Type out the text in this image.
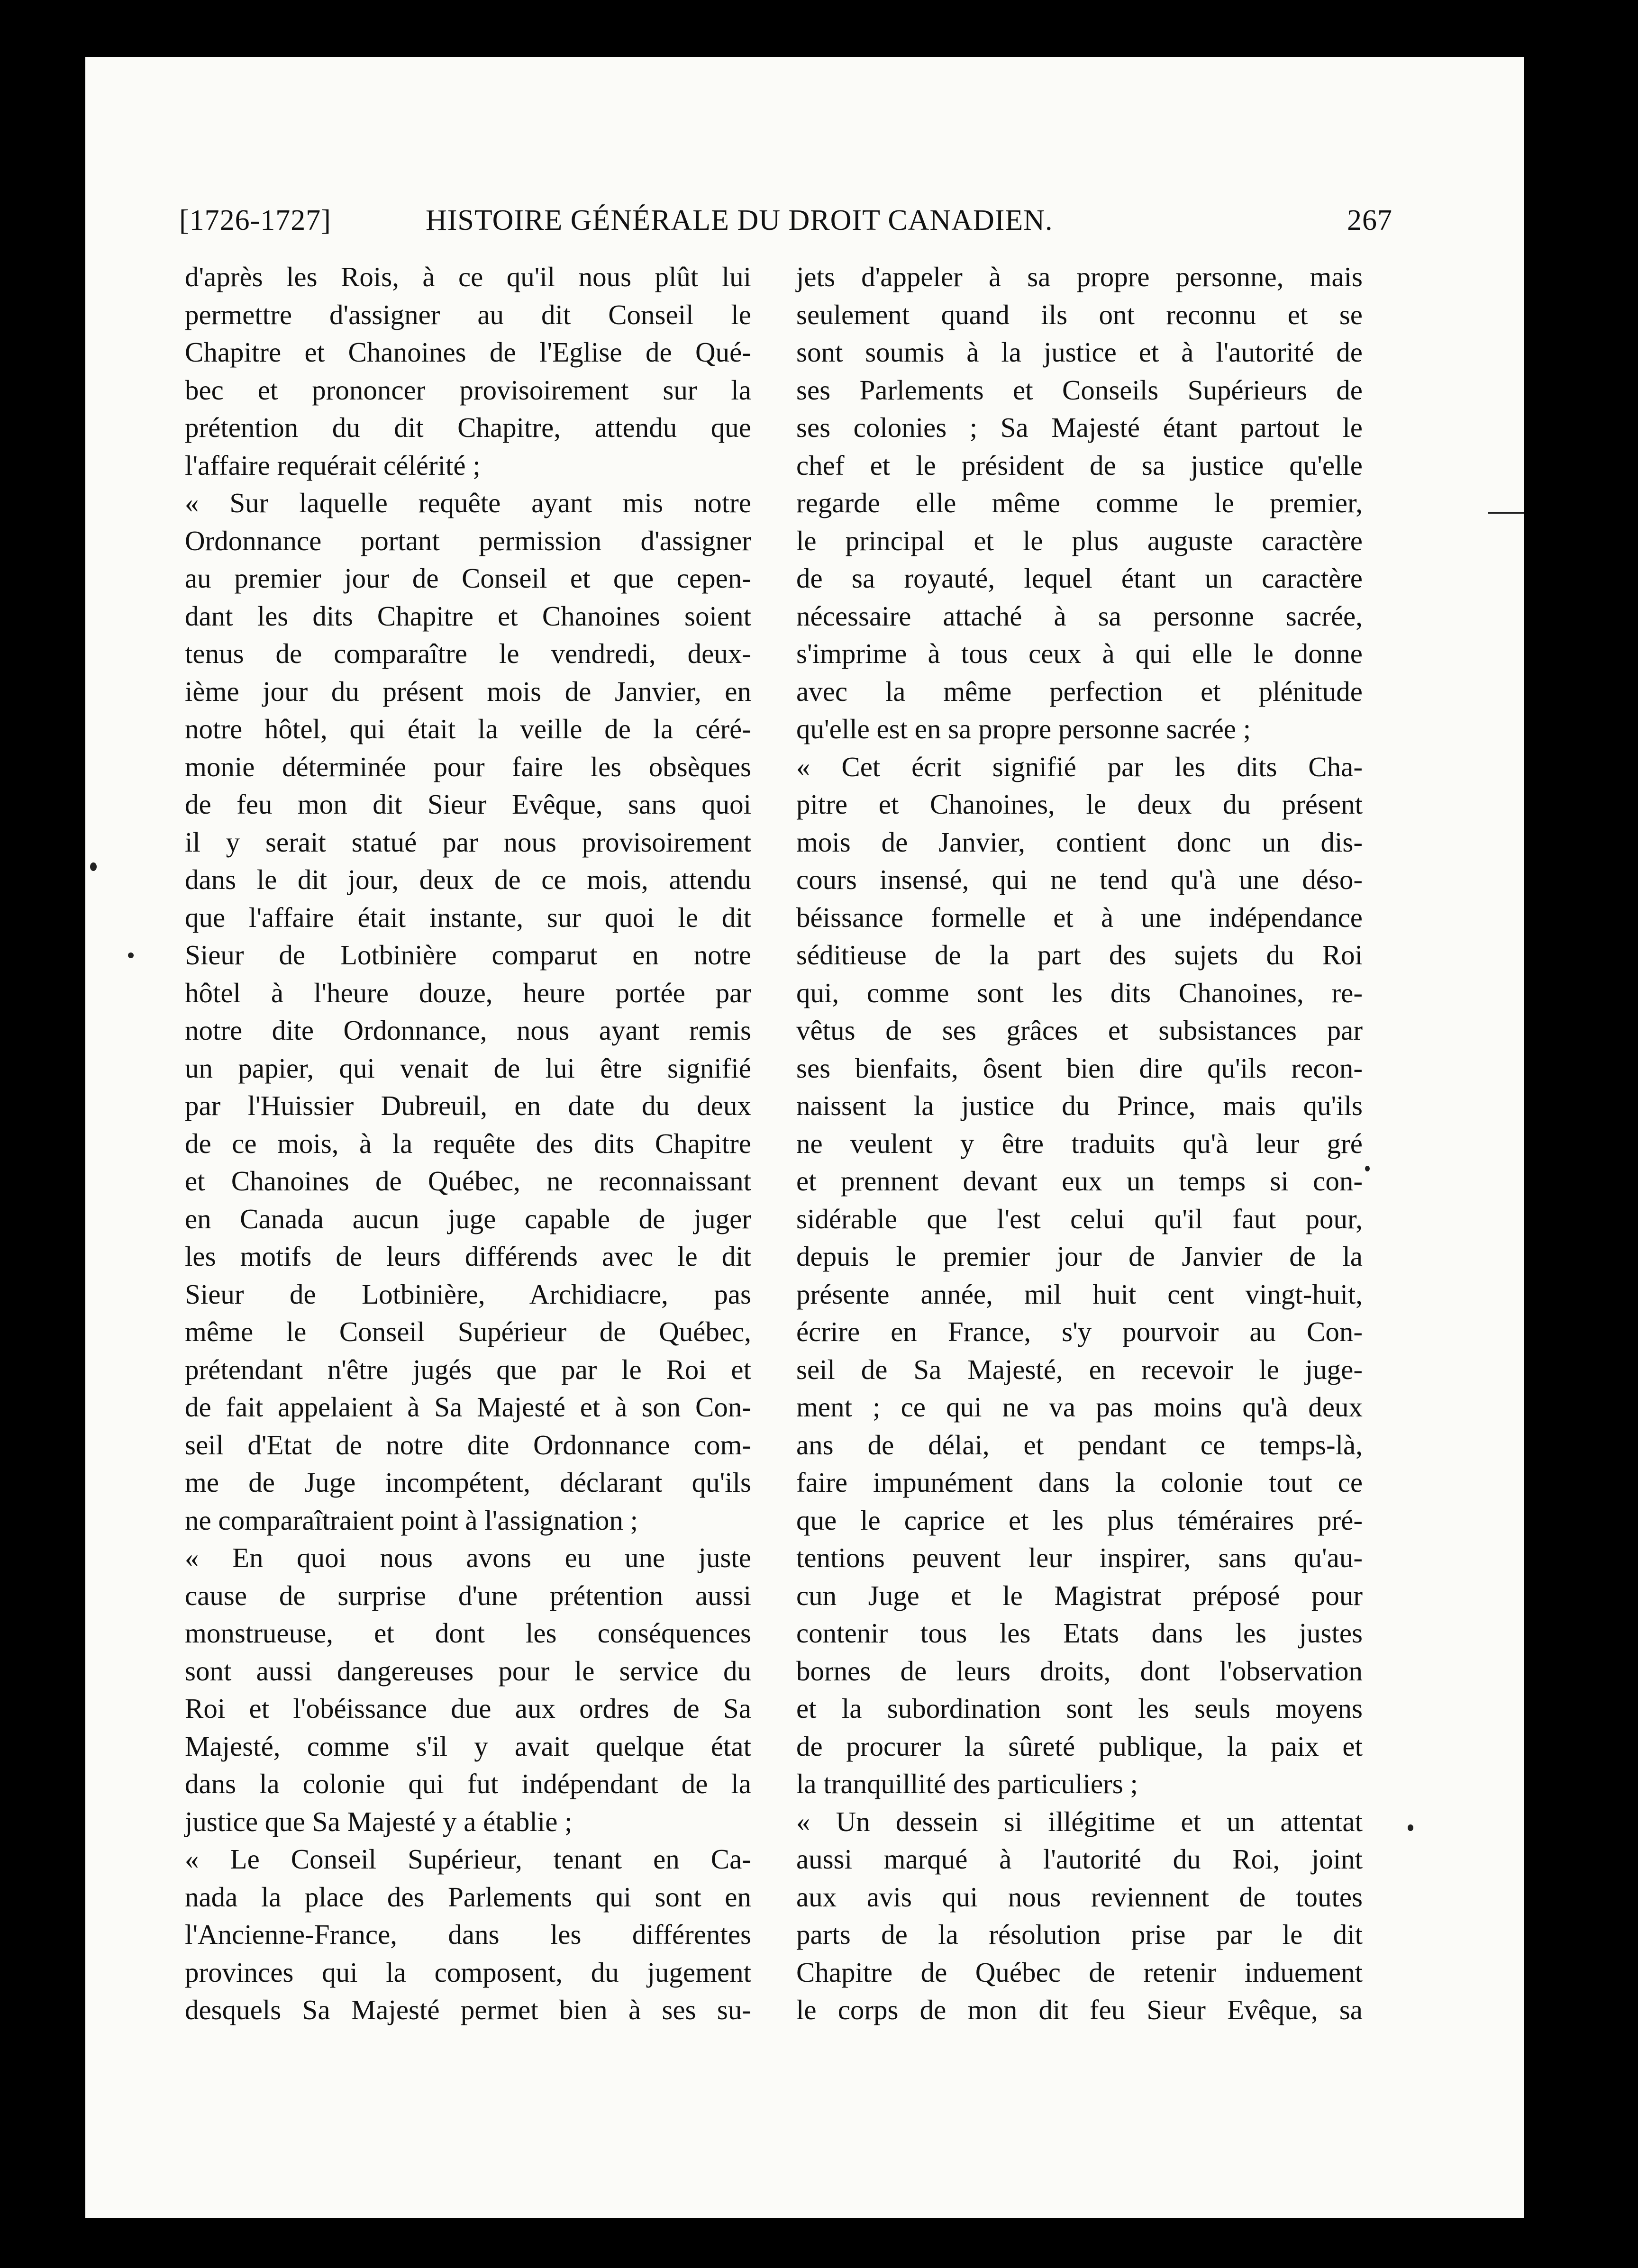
[1726-1727]	HISTOIRE GÉNÉRALE DU DROIT CANADIEN.	267
d'après les Rois, à ce qu'il nous plût lui
permettre d'assigner au dit Conseil le
Chapitre et Chanoines de l'Eglise de Qué-
bec et prononcer provisoirement sur la
prétention du dit Chapitre, attendu que
l'affaire requérait célérité ;
« Sur laquelle requête ayant mis notre
Ordonnance portant permission d'assigner
au premier jour de Conseil et que cepen-
dant les dits Chapitre et Chanoines soient
tenus de comparaître le vendredi, deux-
ième jour du présent mois de Janvier, en
notre hôtel, qui était la veille de la céré-
monie déterminée pour faire les obsèques
de feu mon dit Sieur Evêque, sans quoi
il y serait statué par nous provisoirement
dans le dit jour, deux de ce mois, attendu
que l'affaire était instante, sur quoi le dit
Sieur de Lotbinière comparut en notre
hôtel à l'heure douze, heure portée par
notre dite Ordonnance, nous ayant remis
un papier, qui venait de lui être signifié
par l'Huissier Dubreuil, en date du deux
de ce mois, à la requête des dits Chapitre
et Chanoines de Québec, ne reconnaissant
en Canada aucun juge capable de juger
les motifs de leurs différends avec le dit
Sieur de Lotbinière, Archidiacre, pas
même le Conseil Supérieur de Québec,
prétendant n'être jugés que par le Roi et
de fait appelaient à Sa Majesté et à son Con-
seil d'Etat de notre dite Ordonnance com-
me de Juge incompétent, déclarant qu'ils
ne comparaîtraient point à l'assignation ;
« En quoi nous avons eu une juste
cause de surprise d'une prétention aussi
monstrueuse, et dont les conséquences
sont aussi dangereuses pour le service du
Roi et l'obéissance due aux ordres de Sa
Majesté, comme s'il y avait quelque état
dans la colonie qui fut indépendant de la
justice que Sa Majesté y a établie ;
« Le Conseil Supérieur, tenant en Ca-
nada la place des Parlements qui sont en
l'Ancienne-France, dans les différentes
provinces qui la composent, du jugement
desquels Sa Majesté permet bien à ses su-
jets d'appeler à sa propre personne, mais
seulement quand ils ont reconnu et se
sont soumis à la justice et à l'autorité de
ses Parlements et Conseils Supérieurs de
ses colonies ; Sa Majesté étant partout le
chef et le président de sa justice qu'elle
regarde elle même comme le premier,
le principal et le plus auguste caractère
de sa royauté, lequel étant un caractère
nécessaire attaché à sa personne sacrée,
s'imprime à tous ceux à qui elle le donne
avec la même perfection et plénitude
qu'elle est en sa propre personne sacrée ;
« Cet écrit signifié par les dits Cha-
pitre et Chanoines, le deux du présent
mois de Janvier, contient donc un dis-
cours insensé, qui ne tend qu'à une déso-
béissance formelle et à une indépendance
séditieuse de la part des sujets du Roi
qui, comme sont les dits Chanoines, re-
vêtus de ses grâces et subsistances par
ses bienfaits, ôsent bien dire qu'ils recon-
naissent la justice du Prince, mais qu'ils
ne veulent y être traduits qu'à leur gré
et prennent devant eux un temps si con-
sidérable que l'est celui qu'il faut pour,
depuis le premier jour de Janvier de la
présente année, mil huit cent vingt-huit,
écrire en France, s'y pourvoir au Con-
seil de Sa Majesté, en recevoir le juge-
ment ; ce qui ne va pas moins qu'à deux
ans de délai, et pendant ce temps-là,
faire impunément dans la colonie tout ce
que le caprice et les plus téméraires pré-
tentions peuvent leur inspirer, sans qu'au-
cun Juge et le Magistrat préposé pour
contenir tous les Etats dans les justes
bornes de leurs droits, dont l'observation
et la subordination sont les seuls moyens
de procurer la sûreté publique, la paix et
la tranquillité des particuliers ;
« Un dessein si illégitime et un attentat
aussi marqué à l'autorité du Roi, joint
aux avis qui nous reviennent de toutes
parts de la résolution prise par le dit
Chapitre de Québec de retenir induement
le corps de mon dit feu Sieur Evêque, sa
